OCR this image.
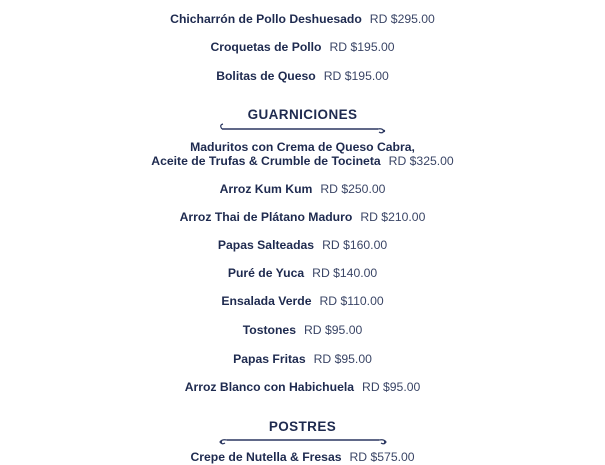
Chicharrón de Pollo Deshuesado RD $295.00
Croquetas de Pollo RD $195.00
Bolitas de Queso RD $195.00
GUARNICIONES
Maduritos con Crema de Queso Cabra,
Aceite de Trufas & Crumble de Tocineta RD $325.00
Arroz Kum Kum RD $250.00
Arroz Thai de Plátano Maduro RD $210.00
Papas Salteadas RD $160.00
Puré de Yuca RD $140.00
Ensalada Verde RD $110.00
Tostones RD $95.00
Papas Fritas RD $95.00
Arroz Blanco con Habichuela RD $95.00
POSTRES
Crepe de Nutella & Fresas RD $575.00
